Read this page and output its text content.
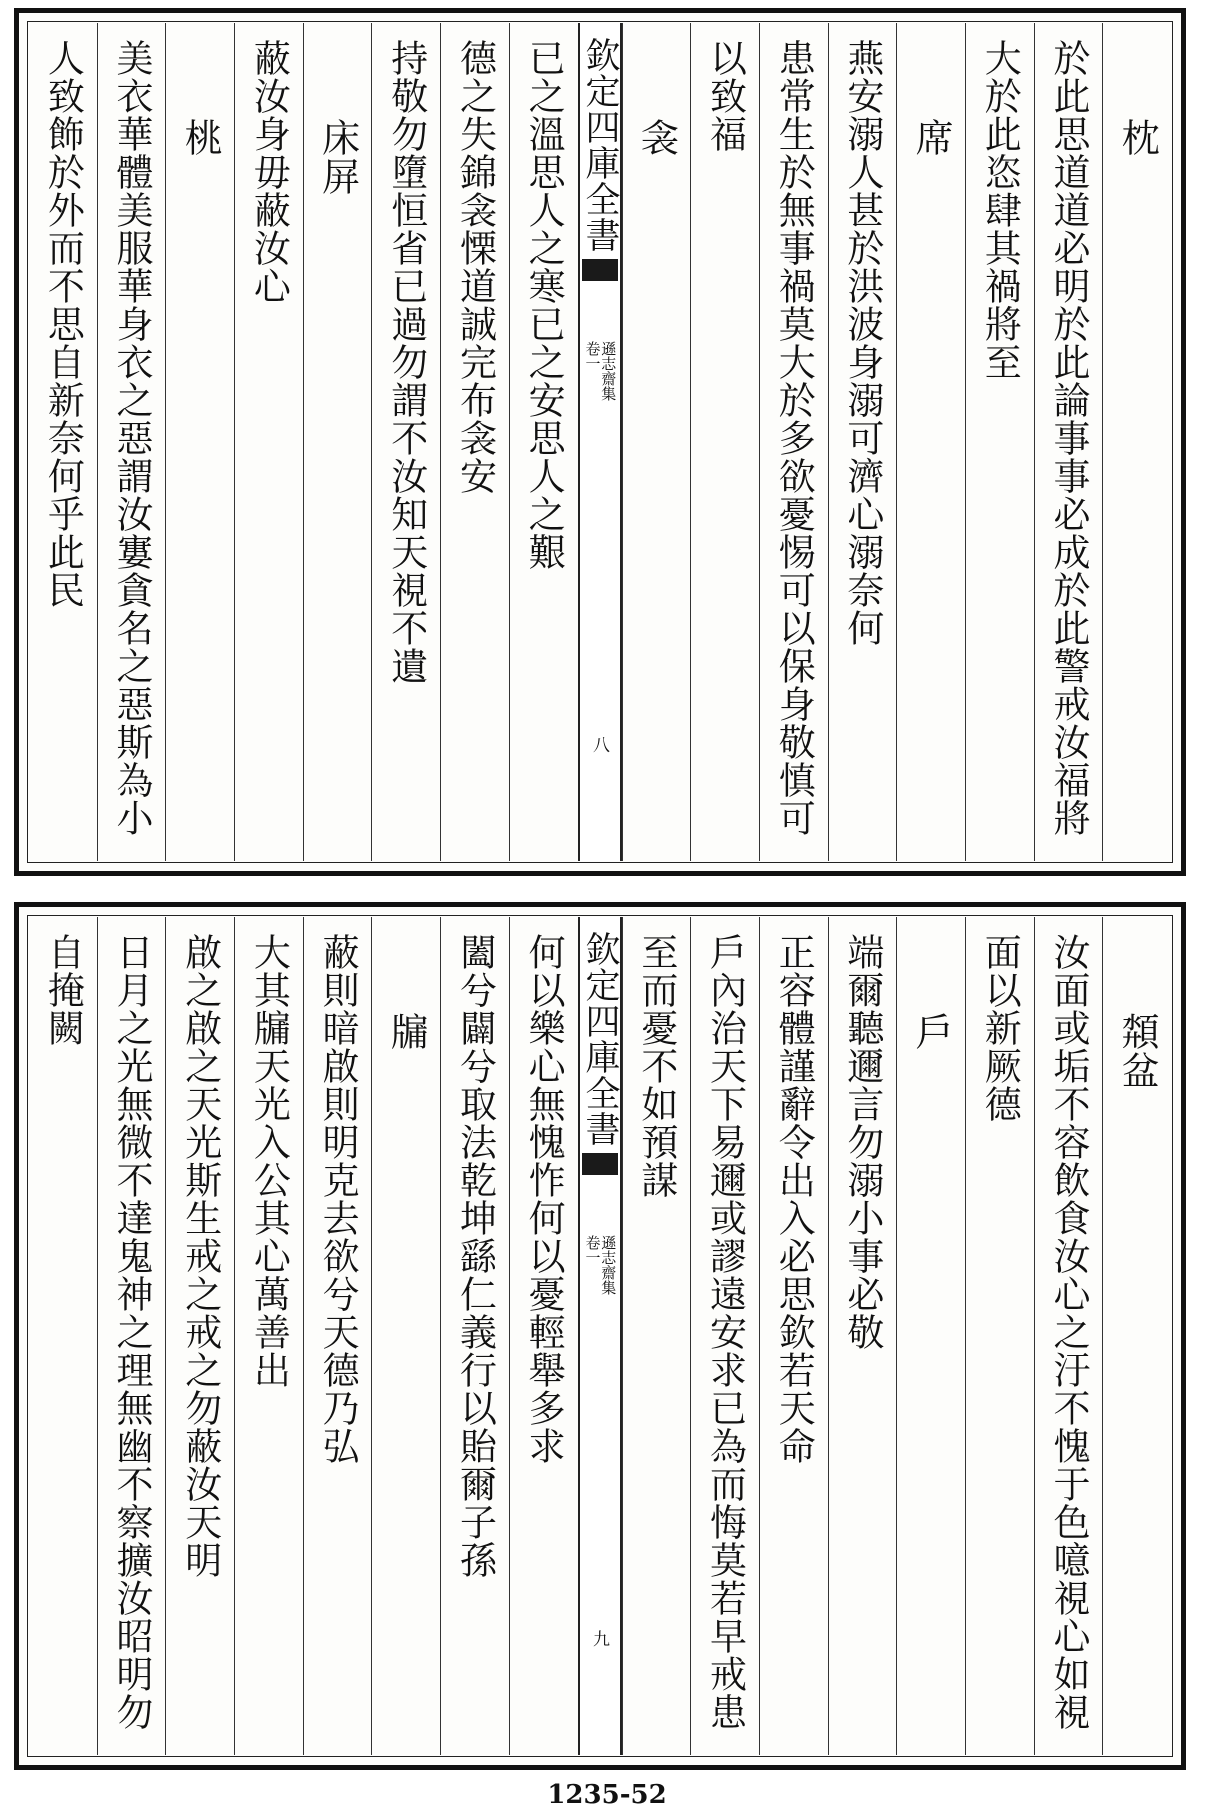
枕
於此思道道必明於此論事事必成於此警戒汝福將
大於此恣肆其禍將至
席
燕安溺人甚於洪波身溺可濟心溺奈何
患常生於無事禍莫大於多欲憂惕可以保身敬慎可
以致福
衾
欽定四庫全書
遜志齋集
卷一
八
已之溫思人之寒已之安思人之艱
德之失錦衾慄道誠完布衾安
持敬勿墮恒省已過勿謂不汝知天視不遺
床屏
蔽汝身毋蔽汝心
桃
美衣華體美服華身衣之惡謂汝寠貪名之惡斯為小
人致飾於外而不思自新奈何乎此民
頮盆
汝面或垢不容飲食汝心之汙不愧于色噫視心如視
面以新厥德
戶
端爾聽邇言勿溺小事必敬
正容體謹辭令出入必思欽若天命
戶內治天下易邇或謬遠安求已為而悔莫若早戒患
至而憂不如預謀
欽定四庫全書
遜志齋集
卷一
九
何以樂心無愧怍何以憂輕舉多求
闔兮闢兮取法乾坤繇仁義行以貽爾子孫
牖
蔽則暗啟則明克去欲兮天德乃弘
大其牖天光入公其心萬善出
啟之啟之天光斯生戒之戒之勿蔽汝天明
日月之光無微不達鬼神之理無幽不察擴汝昭明勿
自掩闕
1235-52
